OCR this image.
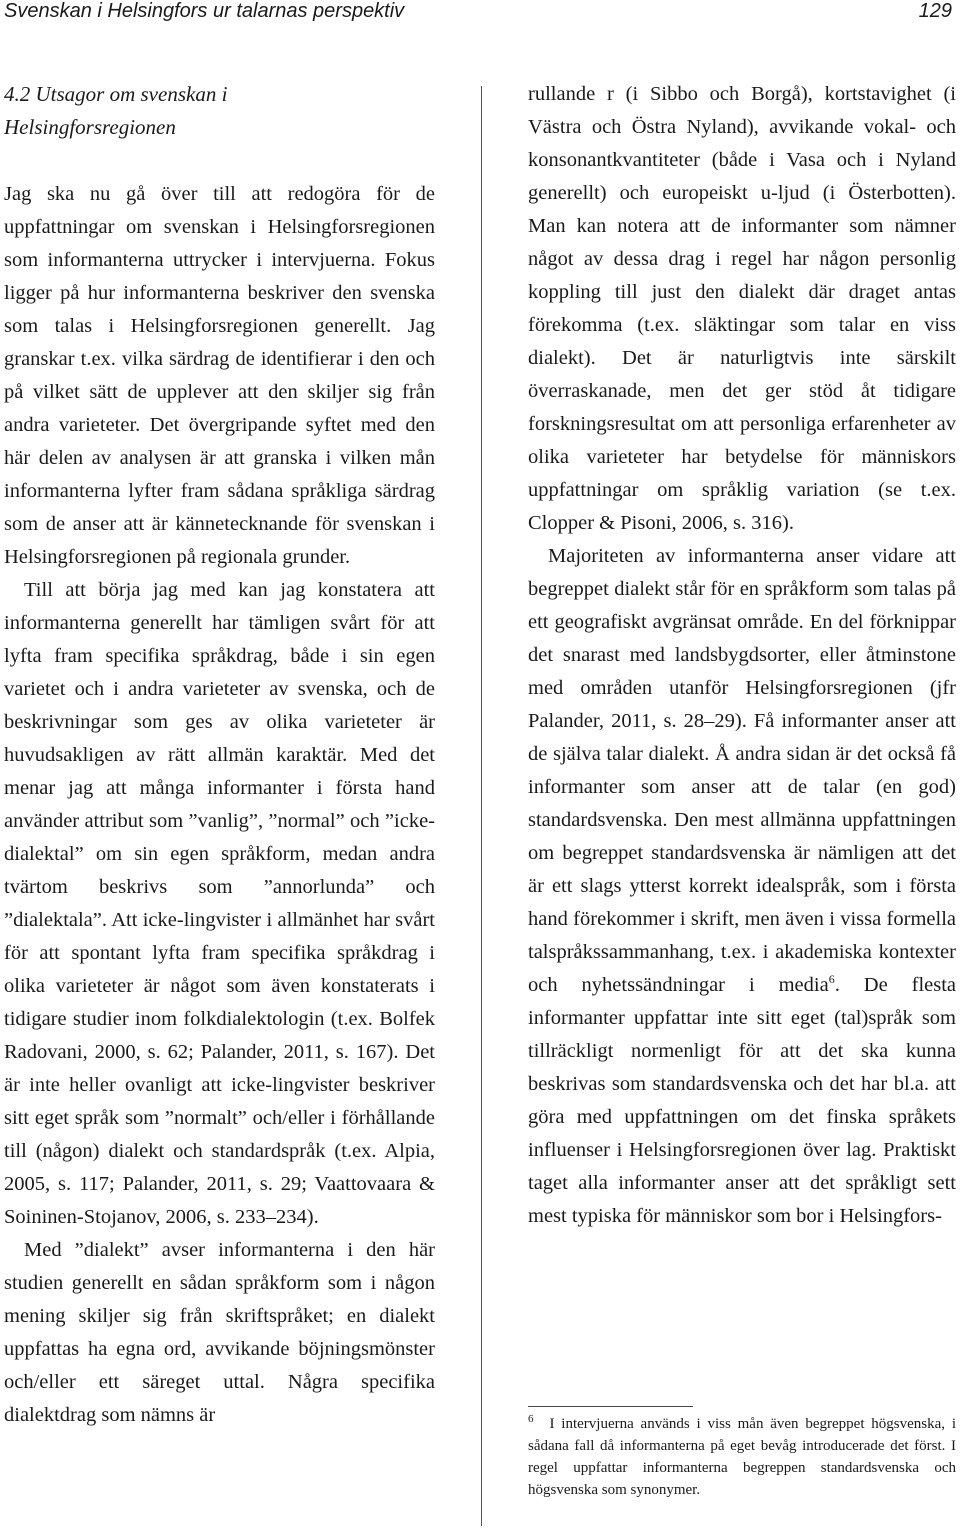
Svenskan i Helsingfors ur talarnas perspektiv	129
4.2 Utsagor om svenskan i Helsingforsregionen

Jag ska nu gå över till att redogöra för de uppfattningar om svenskan i Helsingforsregionen som informanterna uttrycker i intervjuerna. Fokus ligger på hur informanterna beskriver den svenska som talas i Helsingforsregionen generellt. Jag granskar t.ex. vilka särdrag de identifierar i den och på vilket sätt de upplever att den skiljer sig från andra varieteter. Det övergripande syftet med den här delen av analysen är att granska i vilken mån informanterna lyfter fram sådana språkliga särdrag som de anser att är kännetecknande för svenskan i Helsingforsregionen på regionala grunder.

Till att börja jag med kan jag konstatera att informanterna generellt har tämligen svårt för att lyfta fram specifika språkdrag, både i sin egen varietet och i andra varieteter av svenska, och de beskrivningar som ges av olika varieteter är huvudsakligen av rätt allmän karaktär. Med det menar jag att många informanter i första hand använder attribut som ”vanlig”, ”normal” och ”icke-dialektal” om sin egen språkform, medan andra tvärtom beskrivs som ”annorlunda” och ”dialektala”. Att icke-lingvister i allmänhet har svårt för att spontant lyfta fram specifika språkdrag i olika varieteter är något som även konstaterats i tidigare studier inom folkdialektologin (t.ex. Bolfek Radovani, 2000, s. 62; Palander, 2011, s. 167). Det är inte heller ovanligt att icke-lingvister beskriver sitt eget språk som ”normalt” och/eller i förhållande till (någon) dialekt och standardspråk (t.ex. Alpia, 2005, s. 117; Palander, 2011, s. 29; Vaattovaara & Soininen-Stojanov, 2006, s. 233–234).

Med ”dialekt” avser informanterna i den här studien generellt en sådan språkform som i någon mening skiljer sig från skriftspråket; en dialekt uppfattas ha egna ord, avvikande böjningsmönster och/eller ett säreget uttal. Några specifika dialektdrag som nämns är

rullande r (i Sibbo och Borgå), kortstavighet (i Västra och Östra Nyland), avvikande vokal- och konsonantkvantiteter (både i Vasa och i Nyland generellt) och europeiskt u-ljud (i Österbotten). Man kan notera att de informanter som nämner något av dessa drag i regel har någon personlig koppling till just den dialekt där draget antas förekomma (t.ex. släktingar som talar en viss dialekt). Det är naturligtvis inte särskilt överraskanade, men det ger stöd åt tidigare forskningsresultat om att personliga erfarenheter av olika varieteter har betydelse för människors uppfattningar om språklig variation (se t.ex. Clopper & Pisoni, 2006, s. 316).

Majoriteten av informanterna anser vidare att begreppet dialekt står för en språkform som talas på ett geografiskt avgränsat område. En del förknippar det snarast med landsbygdsorter, eller åtminstone med områden utanför Helsingforsregionen (jfr Palander, 2011, s. 28–29). Få informanter anser att de själva talar dialekt. Å andra sidan är det också få informanter som anser att de talar (en god) standardsvenska. Den mest allmänna uppfattningen om begreppet standardsvenska är nämligen att det är ett slags ytterst korrekt idealspråk, som i första hand förekommer i skrift, men även i vissa formella talspråkssammanhang, t.ex. i akademiska kontexter och nyhetssändningar i media$^6$. De flesta informanter uppfattar inte sitt eget (tal)språk som tillräckligt normenligt för att det ska kunna beskrivas som standardsvenska och det har bl.a. att göra med uppfattningen om det finska språkets influenser i Helsingforsregionen över lag. Praktiskt taget alla informanter anser att det språkligt sett mest typiska för människor som bor i Helsingfors-

$^6$ I intervjuerna används i viss mån även begreppet högsvenska, i sådana fall då informanterna på eget bevåg introducerade det först. I regel uppfattar informanterna begreppen standardsvenska och högsvenska som synonymer.
